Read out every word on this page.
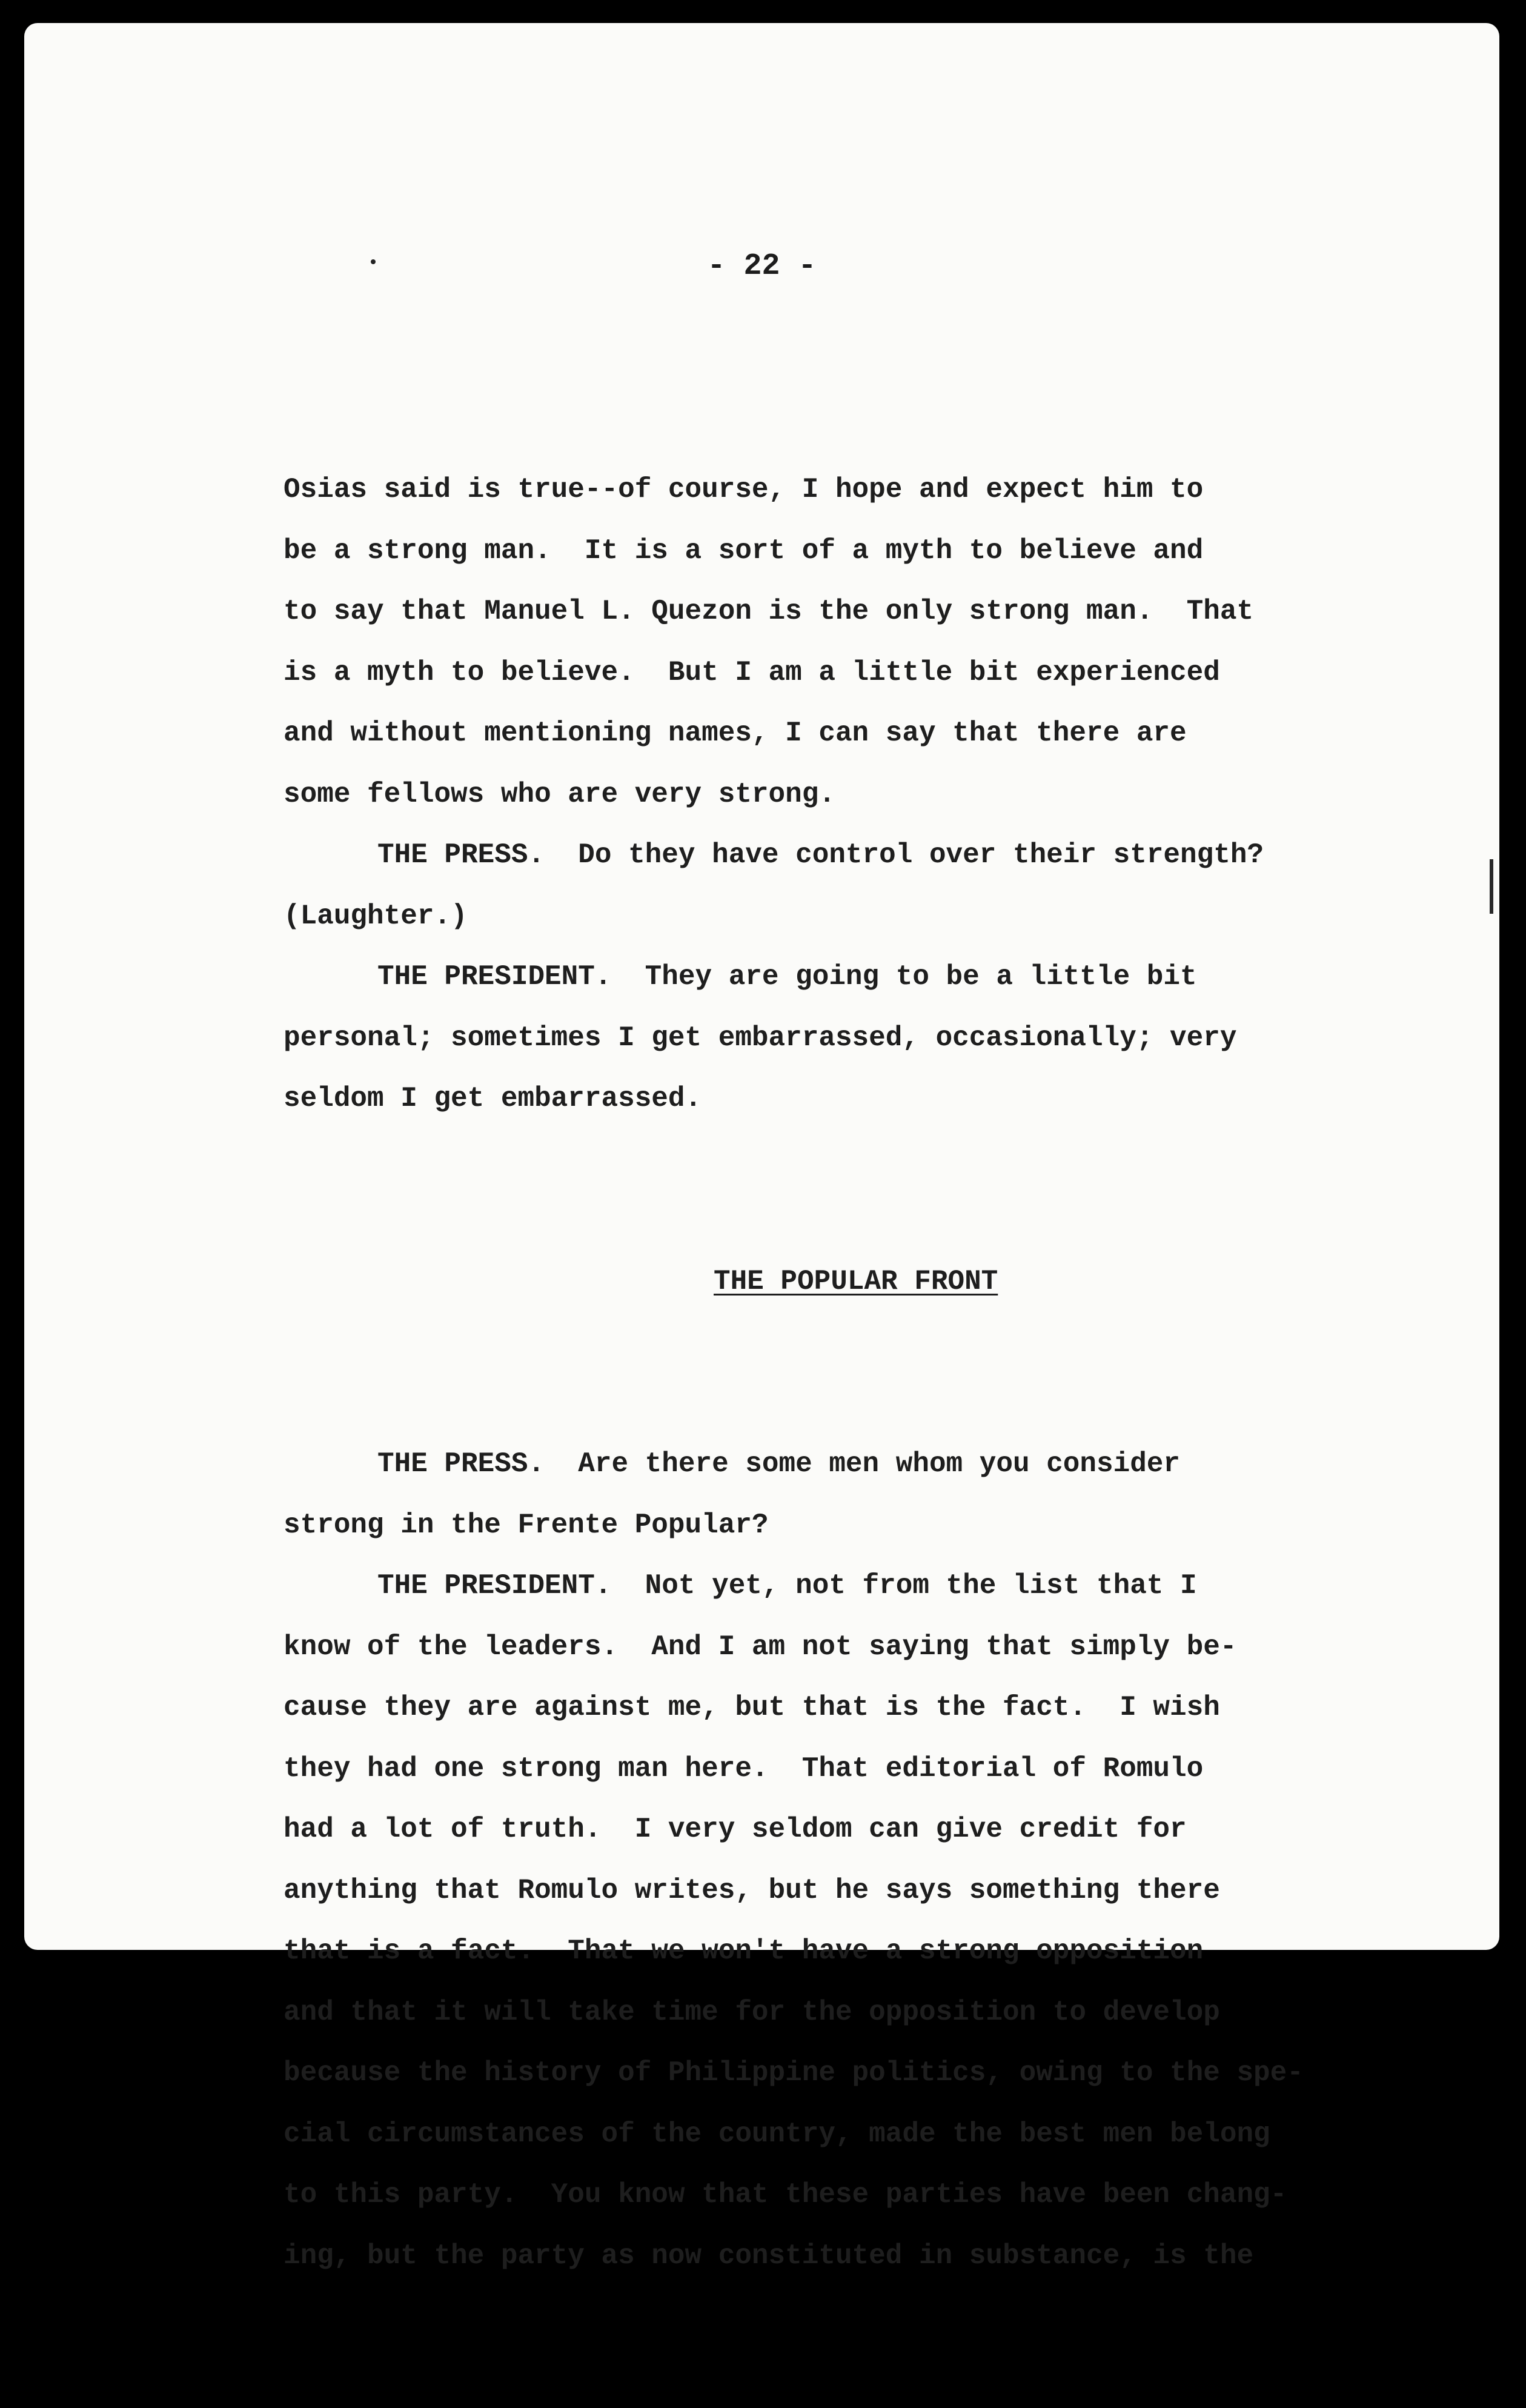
- 22 -

Osias said is true--of course, I hope and expect him to
be a strong man.  It is a sort of a myth to believe and
to say that Manuel L. Quezon is the only strong man.  That
is a myth to believe.  But I am a little bit experienced
and without mentioning names, I can say that there are
some fellows who are very strong.
THE PRESS.  Do they have control over their strength?
(Laughter.)
THE PRESIDENT.  They are going to be a little bit
personal; sometimes I get embarrassed, occasionally; very
seldom I get embarrassed.

THE POPULAR FRONT

THE PRESS.  Are there some men whom you consider
strong in the Frente Popular?
THE PRESIDENT.  Not yet, not from the list that I
know of the leaders.  And I am not saying that simply be-
cause they are against me, but that is the fact.  I wish
they had one strong man here.  That editorial of Romulo
had a lot of truth.  I very seldom can give credit for
anything that Romulo writes, but he says something there
that is a fact.  That we won't have a strong opposition
and that it will take time for the opposition to develop
because the history of Philippine politics, owing to the spe-
cial circumstances of the country, made the best men belong
to this party.  You know that these parties have been chang-
ing, but the party as now constituted in substance, is the
